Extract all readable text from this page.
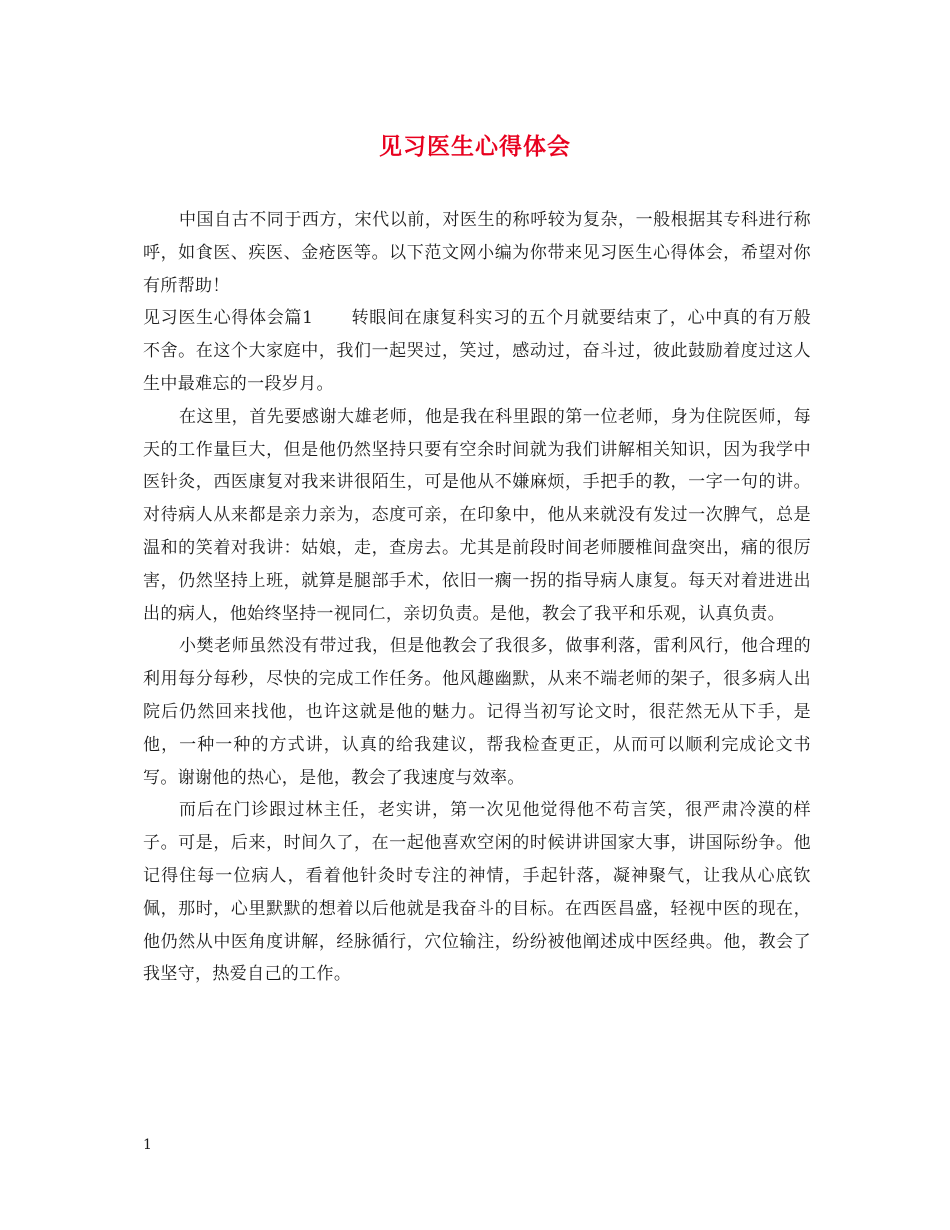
见习医生心得体会

中国自古不同于西方，宋代以前，对医生的称呼较为复杂，一般根据其专科进行称呼，如食医、疾医、金疮医等。以下范文网小编为你带来见习医生心得体会，希望对你有所帮助！

见习医生心得体会篇1 转眼间在康复科实习的五个月就要结束了，心中真的有万般不舍。在这个大家庭中，我们一起哭过，笑过，感动过，奋斗过，彼此鼓励着度过这人生中最难忘的一段岁月。

在这里，首先要感谢大雄老师，他是我在科里跟的第一位老师，身为住院医师，每天的工作量巨大，但是他仍然坚持只要有空余时间就为我们讲解相关知识，因为我学中医针灸，西医康复对我来讲很陌生，可是他从不嫌麻烦，手把手的教，一字一句的讲。对待病人从来都是亲力亲为，态度可亲，在印象中，他从来就没有发过一次脾气，总是温和的笑着对我讲：姑娘，走，查房去。尤其是前段时间老师腰椎间盘突出，痛的很厉害，仍然坚持上班，就算是腿部手术，依旧一瘸一拐的指导病人康复。每天对着进进出出的病人，他始终坚持一视同仁，亲切负责。是他，教会了我平和乐观，认真负责。

小樊老师虽然没有带过我，但是他教会了我很多，做事利落，雷利风行，他合理的利用每分每秒，尽快的完成工作任务。他风趣幽默，从来不端老师的架子，很多病人出院后仍然回来找他，也许这就是他的魅力。记得当初写论文时，很茫然无从下手，是他，一种一种的方式讲，认真的给我建议，帮我检查更正，从而可以顺利完成论文书写。谢谢他的热心，是他，教会了我速度与效率。

而后在门诊跟过林主任，老实讲，第一次见他觉得他不苟言笑，很严肃冷漠的样子。可是，后来，时间久了，在一起他喜欢空闲的时候讲讲国家大事，讲国际纷争。他记得住每一位病人，看着他针灸时专注的神情，手起针落，凝神聚气，让我从心底钦佩，那时，心里默默的想着以后他就是我奋斗的目标。在西医昌盛，轻视中医的现在，他仍然从中医角度讲解，经脉循行，穴位输注，纷纷被他阐述成中医经典。他，教会了我坚守，热爱自己的工作。

1
